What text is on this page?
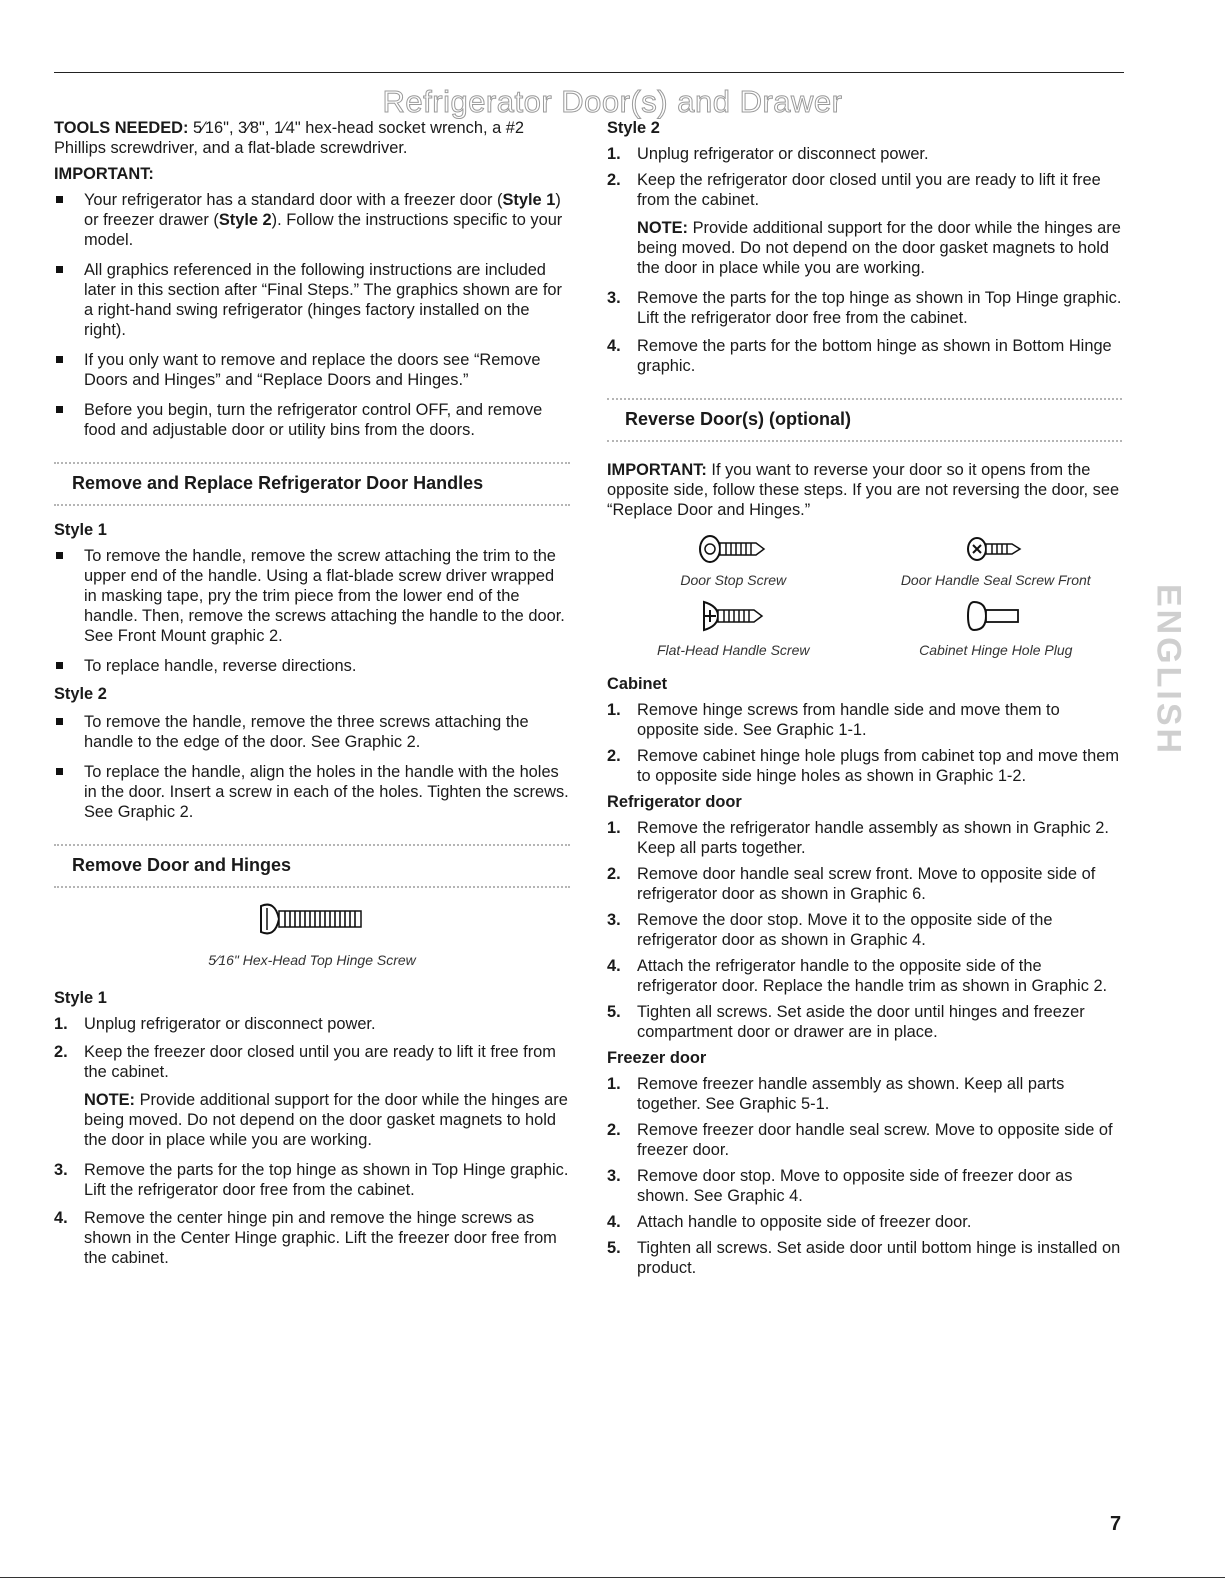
Refrigerator Door(s) and Drawer

TOOLS NEEDED: 5⁄16", 3⁄8", 1⁄4" hex-head socket wrench, a #2 Phillips screwdriver, and a flat-blade screwdriver.

IMPORTANT:

Your refrigerator has a standard door with a freezer door (Style 1) or freezer drawer (Style 2). Follow the instructions specific to your model.

All graphics referenced in the following instructions are included later in this section after “Final Steps.” The graphics shown are for a right-hand swing refrigerator (hinges factory installed on the right).

If you only want to remove and replace the doors see “Remove Doors and Hinges” and “Replace Doors and Hinges.”

Before you begin, turn the refrigerator control OFF, and remove food and adjustable door or utility bins from the doors.

Remove and Replace Refrigerator Door Handles

Style 1

To remove the handle, remove the screw attaching the trim to the upper end of the handle. Using a flat-blade screw driver wrapped in masking tape, pry the trim piece from the lower end of the handle. Then, remove the screws attaching the handle to the door. See Front Mount graphic 2.

To replace handle, reverse directions.

Style 2

To remove the handle, remove the three screws attaching the handle to the edge of the door. See Graphic 2.

To replace the handle, align the holes in the handle with the holes in the door. Insert a screw in each of the holes. Tighten the screws. See Graphic 2.

Remove Door and Hinges

5⁄16" Hex-Head Top Hinge Screw

Style 1

1. Unplug refrigerator or disconnect power.
2. Keep the freezer door closed until you are ready to lift it free from the cabinet.

NOTE: Provide additional support for the door while the hinges are being moved. Do not depend on the door gasket magnets to hold the door in place while you are working.

3. Remove the parts for the top hinge as shown in Top Hinge graphic. Lift the refrigerator door free from the cabinet.
4. Remove the center hinge pin and remove the hinge screws as shown in the Center Hinge graphic. Lift the freezer door free from the cabinet.

Style 2

1. Unplug refrigerator or disconnect power.
2. Keep the refrigerator door closed until you are ready to lift it free from the cabinet.

NOTE: Provide additional support for the door while the hinges are being moved. Do not depend on the door gasket magnets to hold the door in place while you are working.

3. Remove the parts for the top hinge as shown in Top Hinge graphic. Lift the refrigerator door free from the cabinet.
4. Remove the parts for the bottom hinge as shown in Bottom Hinge graphic.
Reverse Door(s) (optional)

IMPORTANT: If you want to reverse your door so it opens from the opposite side, follow these steps. If you are not reversing the door, see “Replace Door and Hinges.”

Door Stop Screw	Door Handle Seal Screw Front

Flat-Head Handle Screw	Cabinet Hinge Hole Plug

Cabinet

1. Remove hinge screws from handle side and move them to opposite side. See Graphic 1-1.
2. Remove cabinet hinge hole plugs from cabinet top and move them to opposite side hinge holes as shown in Graphic 1-2.

Refrigerator door

1. Remove the refrigerator handle assembly as shown in Graphic 2. Keep all parts together.
2. Remove door handle seal screw front. Move to opposite side of refrigerator door as shown in Graphic 6.
3. Remove the door stop. Move it to the opposite side of the refrigerator door as shown in Graphic 4.
4. Attach the refrigerator handle to the opposite side of the refrigerator door. Replace the handle trim as shown in Graphic 2.
5. Tighten all screws. Set aside the door until hinges and freezer compartment door or drawer are in place.

Freezer door

1. Remove freezer handle assembly as shown. Keep all parts together. See Graphic 5-1.
2. Remove freezer door handle seal screw. Move to opposite side of freezer door.
3. Remove door stop. Move to opposite side of freezer door as shown. See Graphic 4.
4. Attach handle to opposite side of freezer door.
5. Tighten all screws. Set aside door until bottom hinge is installed on product.
ENGLISH
7
